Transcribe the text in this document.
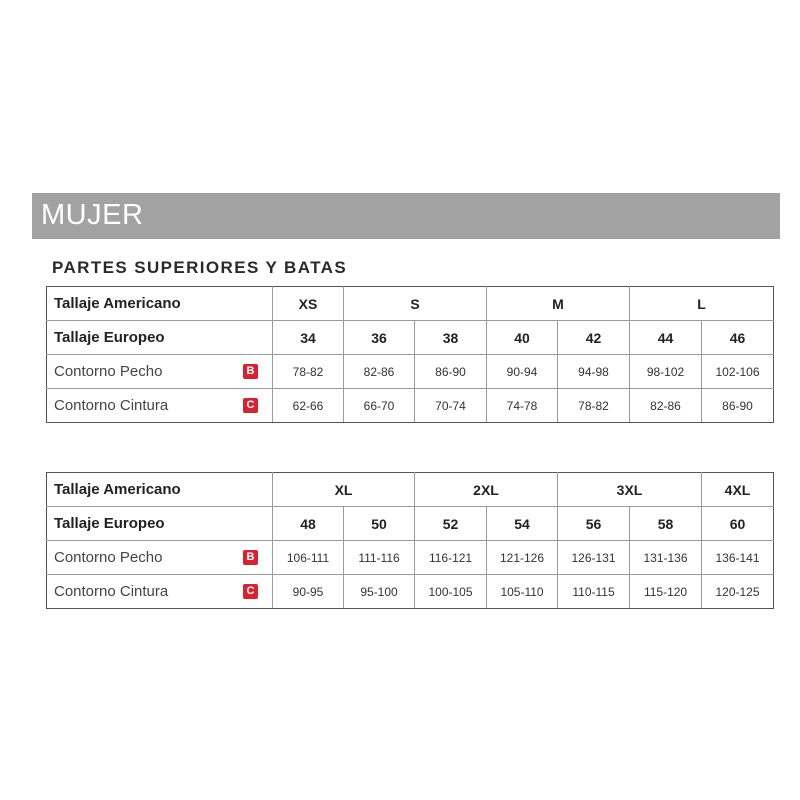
MUJER
PARTES SUPERIORES Y BATAS
Tallaje Americano	XS	S		M		L	
Tallaje Europeo	34	36	38	40	42	44	46

Contorno Pecho B	78-82	82-86	86-90	90-94	94-98	98-102	102-106

Contorno Cintura C	62-66	66-70	70-74	74-78	78-82	82-86	86-90
Tallaje Americano	XL		2XL		3XL		4XL
Tallaje Europeo	48	50	52	54	56	58	60

Contorno Pecho B	106-111	111-116	116-121	121-126	126-131	131-136	136-141

Contorno Cintura C	90-95	95-100	100-105	105-110	110-115	115-120	120-125
